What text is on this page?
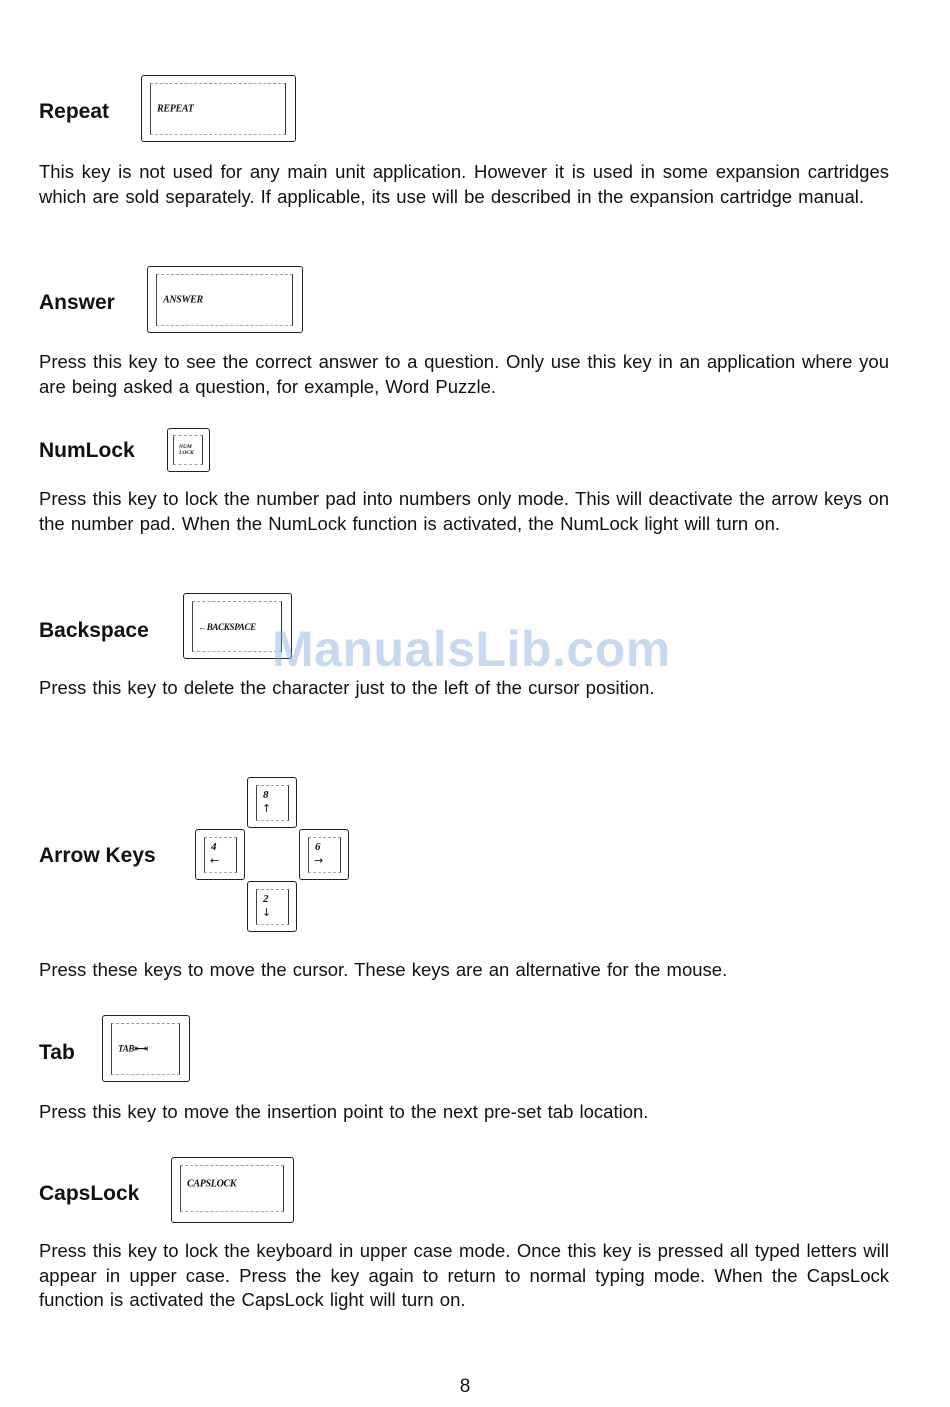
Repeat	REPEAT

This key is not used for any main unit application. However it is used in some expansion cartridges which are sold separately. If applicable, its use will be described in the expansion cartridge manual.

Answer	ANSWER

Press this key to see the correct answer to a question. Only use this key in an application where you are being asked a question, for example, Word Puzzle.

NumLock	NUM
LOCK

Press this key to lock the number pad into numbers only mode. This will deactivate the arrow keys on the number pad. When the NumLock function is activated, the NumLock light will turn on.

Backspace	←BACKSPACE

Press this key to delete the character just to the left of the cursor position.

Arrow Keys
8
↑
4
←
6
→
2
↓

Press these keys to move the cursor. These keys are an alternative for the mouse.

Tab	TAB⇤⇥

Press this key to move the insertion point to the next pre-set tab location.

CapsLock	CAPSLOCK

Press this key to lock the keyboard in upper case mode. Once this key is pressed all typed letters will appear in upper case. Press the key again to return to normal typing mode. When the CapsLock function is activated the CapsLock light will turn on.

ManualsLib.com
8
